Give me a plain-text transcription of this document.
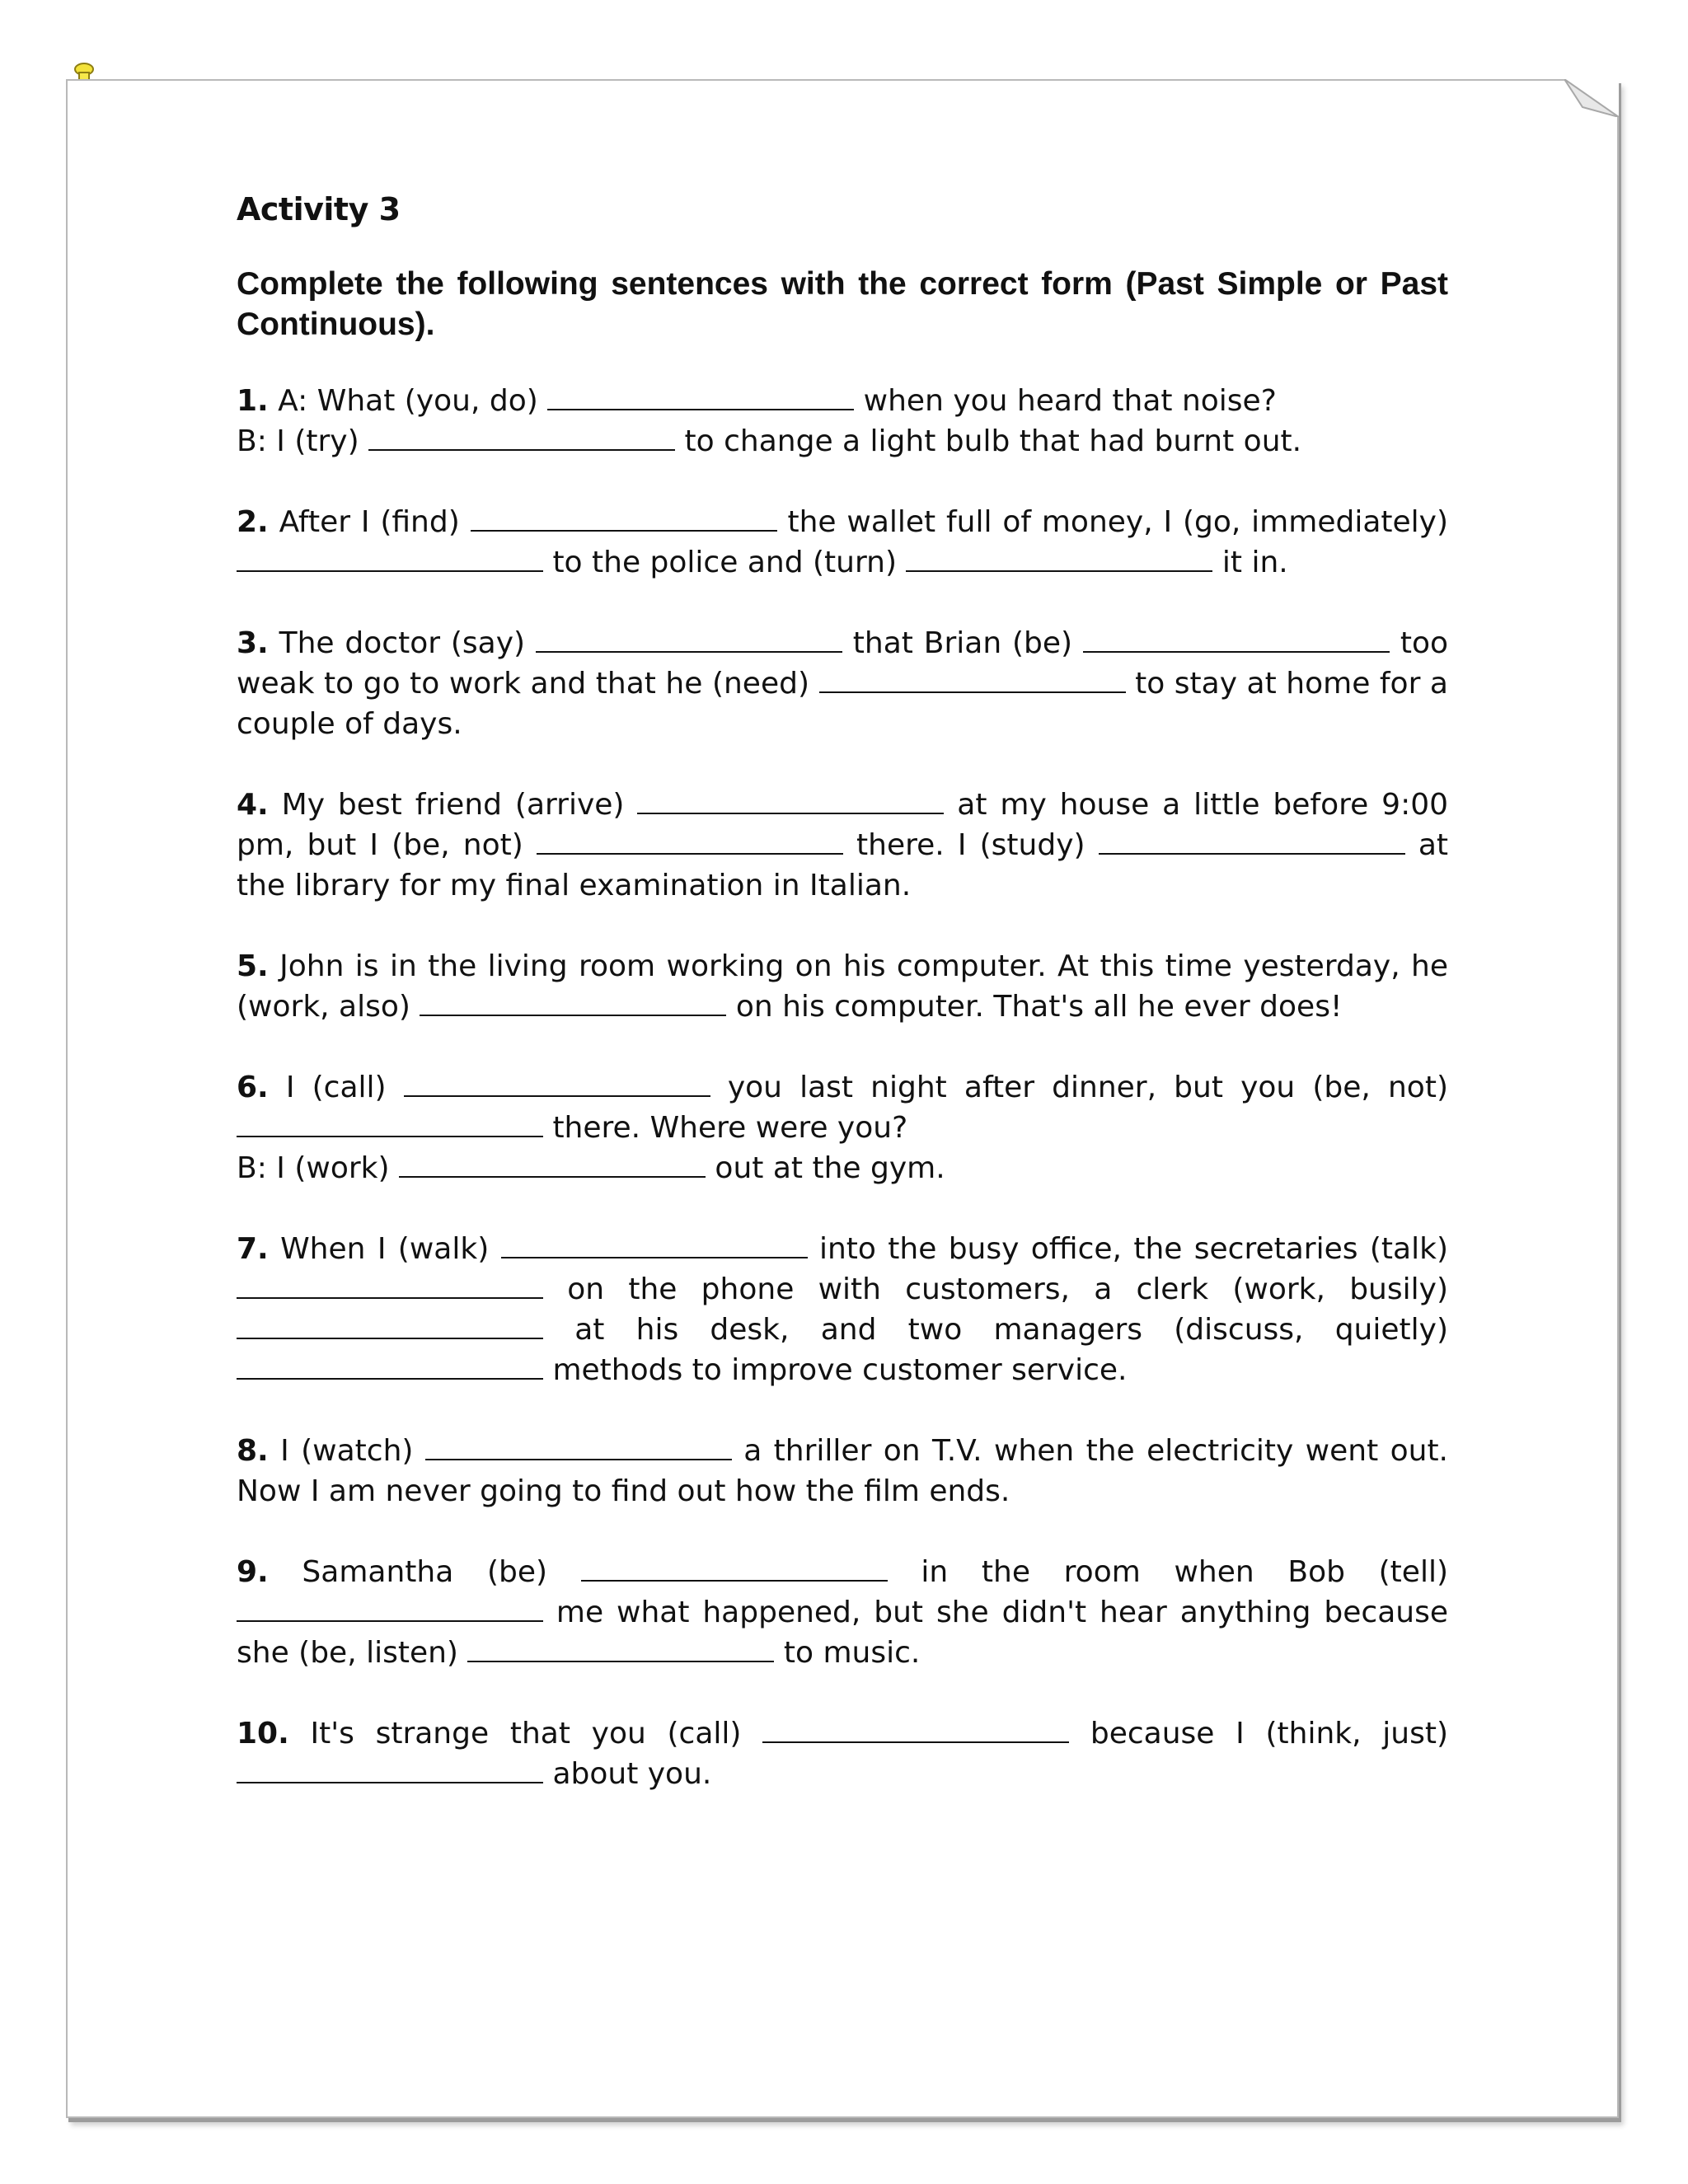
Activity 3
Complete the following sentences with the correct form (Past Simple or Past Continuous).
1. A: What (you, do)	when you heard that noise?
B: I (try)	to change a light bulb that had burnt out.
2. After I (find)	the wallet full of money, I (go, immediately) to the police and (turn)	it in.
3. The doctor (say)	that Brian (be)	too weak to go to work and that he (need)	to stay at home for a couple of days.
4. My best friend (arrive)	at my house a little before 9:00 pm, but I (be, not)	there. I (study)	at the library for my final examination in Italian.
5. John is in the living room working on his computer. At this time yesterday, he (work, also)	on his computer. That's all he ever does!
6. I (call)	you last night after dinner, but you (be, not) there. Where were you?
B: I (work)	out at the gym.
7. When I (walk)	into the busy office, the secretaries (talk) on the phone with customers, a clerk (work, busily) at his desk, and two managers (discuss, quietly)  methods to improve customer service.
8. I (watch)	a thriller on T.V. when the electricity went out. Now I am never going to find out how the film ends.
9. Samantha (be)	in the room when Bob (tell)  me what happened, but she didn't hear anything because she (be, listen)	to music.
10. It's strange that you (call)	because I (think, just)  about you.
